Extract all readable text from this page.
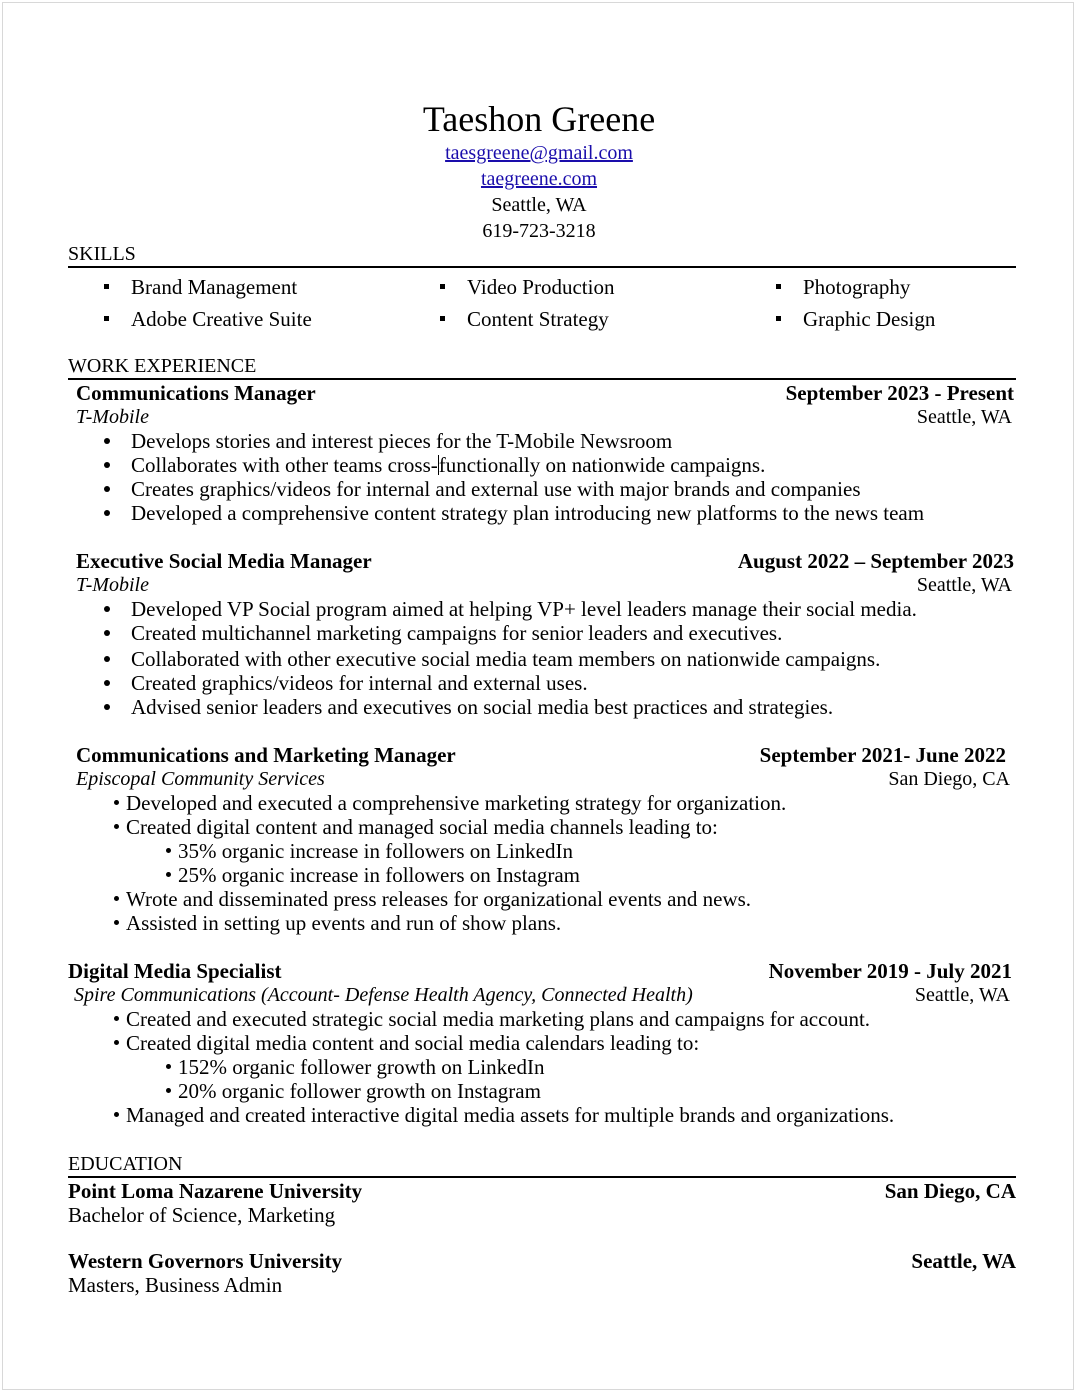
Taeshon Greene
taesgreene@gmail.com
taegreene.com
Seattle, WA
619-723-3218
SKILLS
Brand Management	Video Production	Photography
Adobe Creative Suite	Content Strategy	Graphic Design
WORK EXPERIENCE
Communications Manager	September 2023 - Present
T-Mobile	Seattle, WA
Develops stories and interest pieces for the T-Mobile Newsroom
Collaborates with other teams cross-functionally on nationwide campaigns.
Creates graphics/videos for internal and external use with major brands and companies
Developed a comprehensive content strategy plan introducing new platforms to the news team
Executive Social Media Manager	August 2022 – September 2023
T-Mobile	Seattle, WA
Developed VP Social program aimed at helping VP+ level leaders manage their social media.
Created multichannel marketing campaigns for senior leaders and executives.
Collaborated with other executive social media team members on nationwide campaigns.
Created graphics/videos for internal and external uses.
Advised senior leaders and executives on social media best practices and strategies.
Communications and Marketing Manager	September 2021- June 2022
Episcopal Community Services	San Diego, CA
Developed and executed a comprehensive marketing strategy for organization.
Created digital content and managed social media channels leading to:
35% organic increase in followers on LinkedIn
25% organic increase in followers on Instagram
Wrote and disseminated press releases for organizational events and news.
Assisted in setting up events and run of show plans.
Digital Media Specialist	November 2019 - July 2021
Spire Communications (Account- Defense Health Agency, Connected Health)	Seattle, WA
Created and executed strategic social media marketing plans and campaigns for account.
Created digital media content and social media calendars leading to:
152% organic follower growth on LinkedIn
20% organic follower growth on Instagram
Managed and created interactive digital media assets for multiple brands and organizations.
EDUCATION
Point Loma Nazarene University	San Diego, CA
Bachelor of Science, Marketing
Western Governors University	Seattle, WA
Masters, Business Admin
